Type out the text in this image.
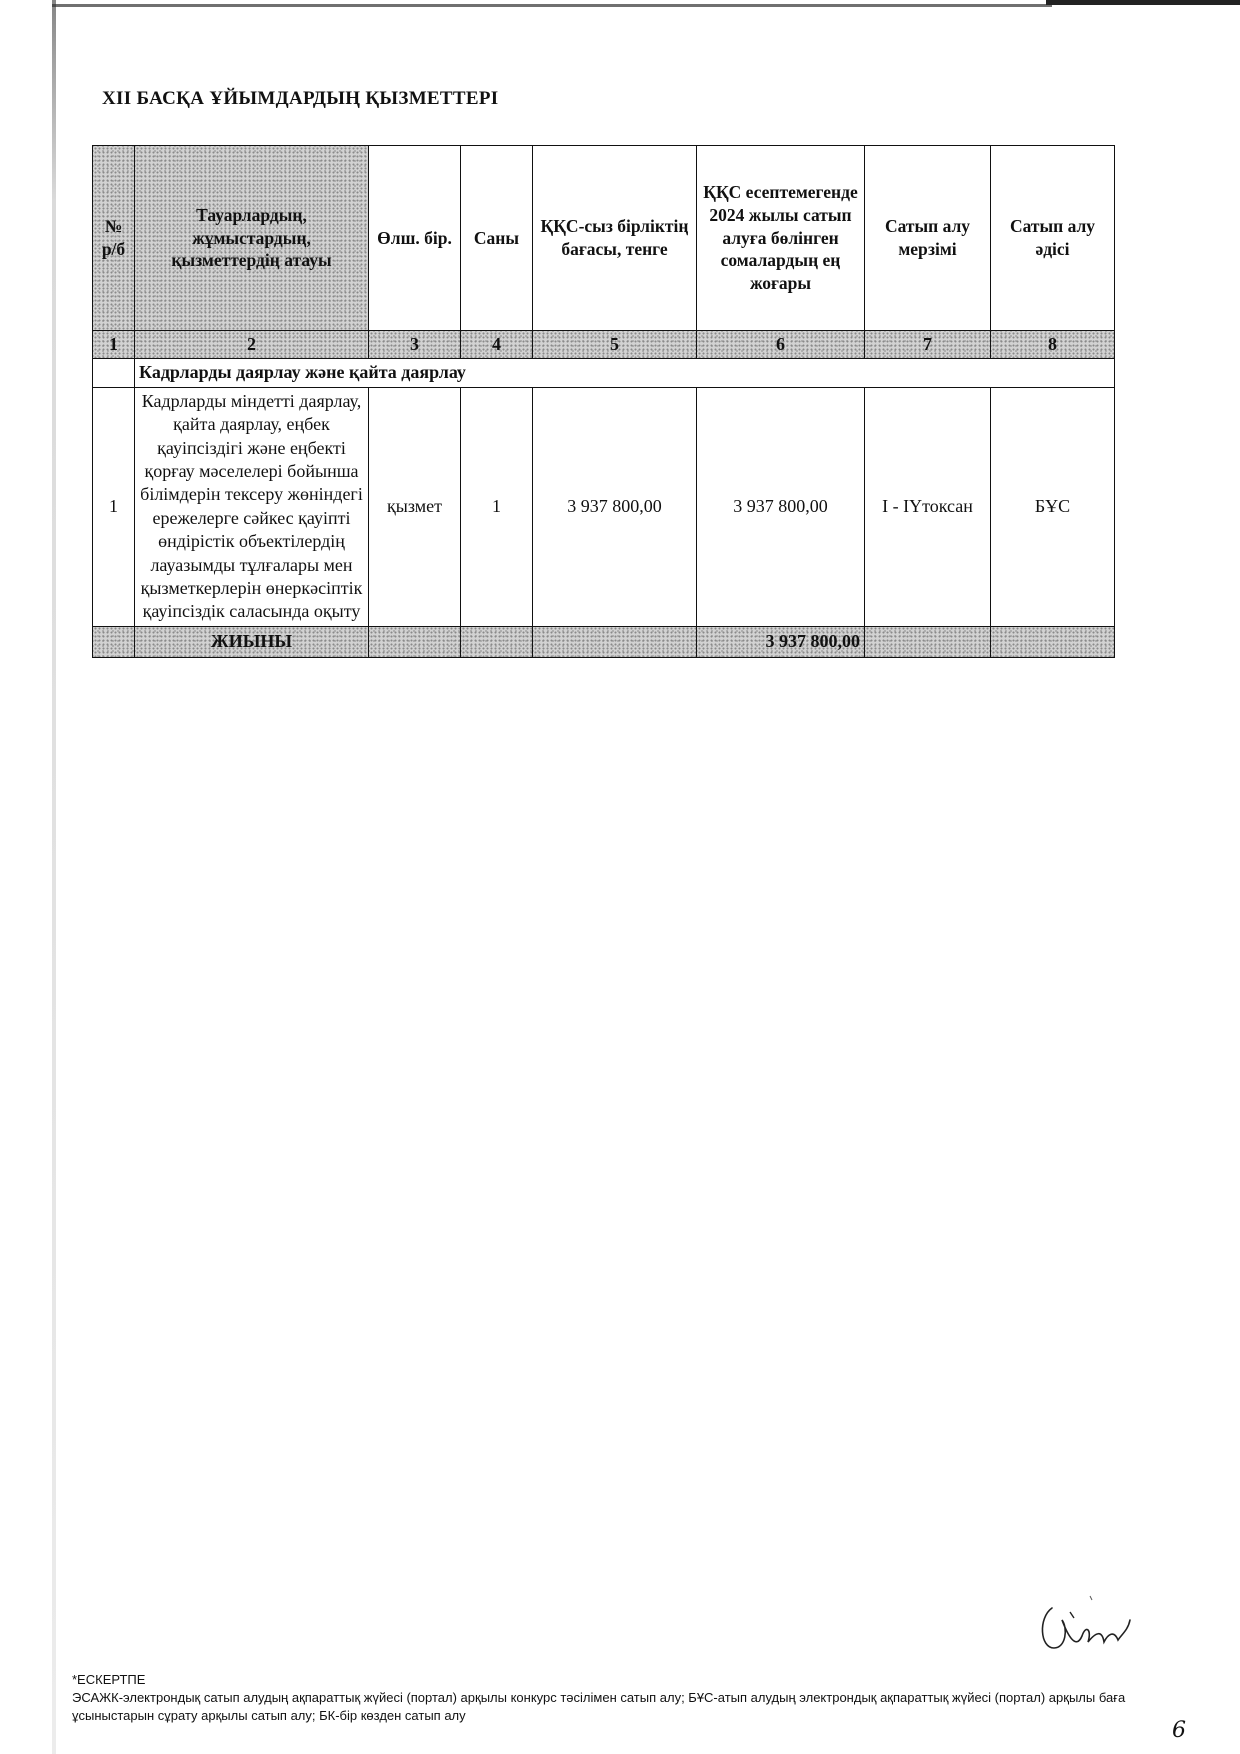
XII БАСҚА ҰЙЫМДАРДЫҢ ҚЫЗМЕТТЕРІ
№ р/б	Тауарлардың, жұмыстардың, қызметтердің атауы	Өлш. бір.	Саны	ҚҚС-сыз бірліктің бағасы, тенге	ҚҚС есептемегенде 2024 жылы сатып алуға бөлінген сомалардың ең жоғары	Сатып алу мерзімі	Сатып алу әдісі
1	2	3	4	5	6	7	8
	Кадрларды даярлау және қайта даярлау						
1	Кадрларды міндетті даярлау, қайта даярлау, еңбек қауіпсіздігі және еңбекті қорғау мәселелері бойынша білімдерін тексеру жөніндегі ережелерге сәйкес қауіпті өндірістік объектілердің лауазымды тұлғалары мен қызметкерлерін өнеркәсіптік қауіпсіздік саласында оқыту	қызмет	1	3 937 800,00	3 937 800,00	I - IYтоксан	БҰС
	ЖИЫНЫ				3 937 800,00		
*ЕСКЕРТПЕ
ЭСАЖК-электрондық сатып алудың ақпараттық жүйесі (портал) арқылы конкурс тәсілімен сатып алу; БҰС-атып алудың электрондық ақпараттық жүйесі (портал) арқылы баға ұсыныстарын сұрату арқылы сатып алу; БК-бір көзден сатып алу
6
